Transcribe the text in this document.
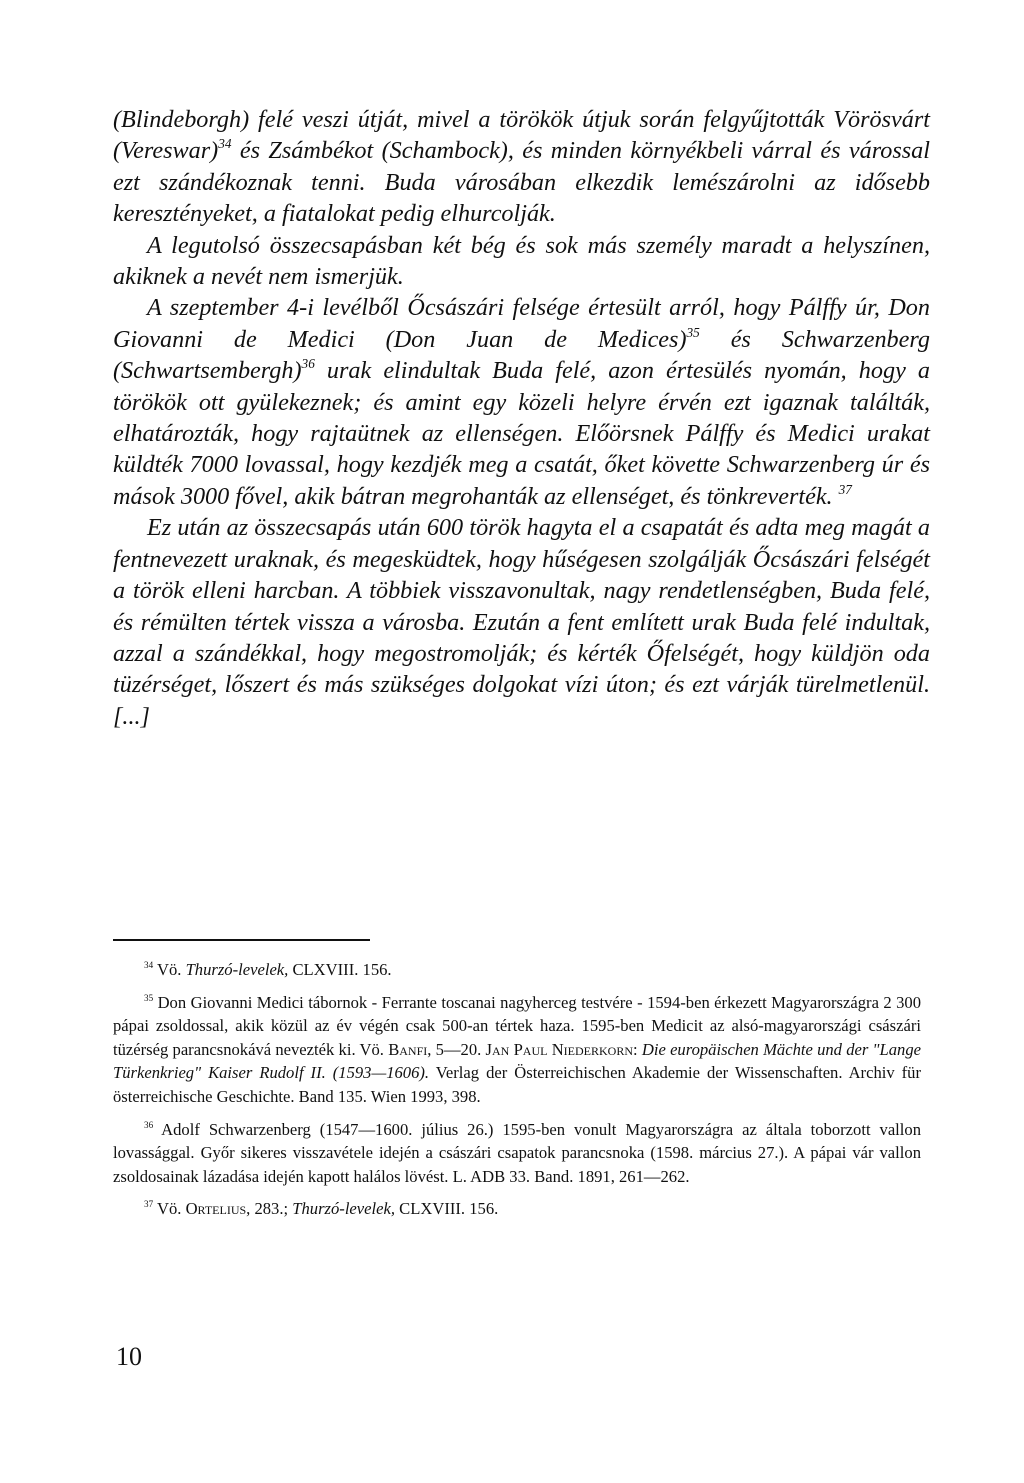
(Blindeborgh) felé veszi útját, mivel a törökök útjuk során felgyűjtották Vörösvárt (Vereswar)$^{34}$ és Zsámbékot (Schambock), és minden környékbeli várral és várossal ezt szándékoznak tenni. Buda városában elkezdik lemészárolni az idősebb keresztényeket, a fiatalokat pedig elhurcolják.

A legutolsó összecsapásban két bég és sok más személy maradt a helyszínen, akiknek a nevét nem ismerjük.

A szeptember 4-i levélből Őcsászári felsége értesült arról, hogy Pálffy úr, Don Giovanni de Medici (Don Juan de Medices)$^{35}$ és Schwarzenberg (Schwartsembergh)$^{36}$ urak elindultak Buda felé, azon értesülés nyomán, hogy a törökök ott gyülekeznek; és amint egy közeli helyre érvén ezt igaznak találták, elhatározták, hogy rajtaütnek az ellenségen. Előörsnek Pálffy és Medici urakat küldték 7000 lovassal, hogy kezdjék meg a csatát, őket követte Schwarzenberg úr és mások 3000 fővel, akik bátran megrohanták az ellenséget, és tönkreverték. $^{37}$

Ez után az összecsapás után 600 török hagyta el a csapatát és adta meg magát a fentnevezett uraknak, és megesküdtek, hogy hűségesen szolgálják Őcsászári felségét a török elleni harcban. A többiek visszavonultak, nagy rendetlenségben, Buda felé, és rémülten tértek vissza a városba. Ezután a fent említett urak Buda felé indultak, azzal a szándékkal, hogy megostromolják; és kérték Őfelségét, hogy küldjön oda tüzérséget, lőszert és más szükséges dolgokat vízi úton; és ezt várják türelmetlenül.[...]

$^{34}$ Vö. Thurzó-levelek, CLXVIII. 156.

$^{35}$ Don Giovanni Medici tábornok - Ferrante toscanai nagyherceg testvére - 1594-ben érkezett Magyarországra 2 300 pápai zsoldossal, akik közül az év végén csak 500-an tértek haza. 1595-ben Medicit az alsó-magyarországi császári tüzérség parancsnokává nevezték ki. Vö. Banfi, 5—20. Jan Paul Niederkorn: Die europäischen Mächte und der "Lange Türkenkrieg" Kaiser Rudolf II. (1593—1606). Verlag der Österreichischen Akademie der Wissenschaften. Archiv für österreichische Geschichte. Band 135. Wien 1993, 398.

$^{36}$ Adolf Schwarzenberg (1547—1600. július 26.) 1595-ben vonult Magyarországra az általa toborzott vallon lovassággal. Győr sikeres visszavétele idején a császári csapatok parancsnoka (1598. március 27.). A pápai vár vallon zsoldosainak lázadása idején kapott halálos lövést. L. ADB 33. Band. 1891, 261—262.

$^{37}$ Vö. Ortelius, 283.; Thurzó-levelek, CLXVIII. 156.

10
